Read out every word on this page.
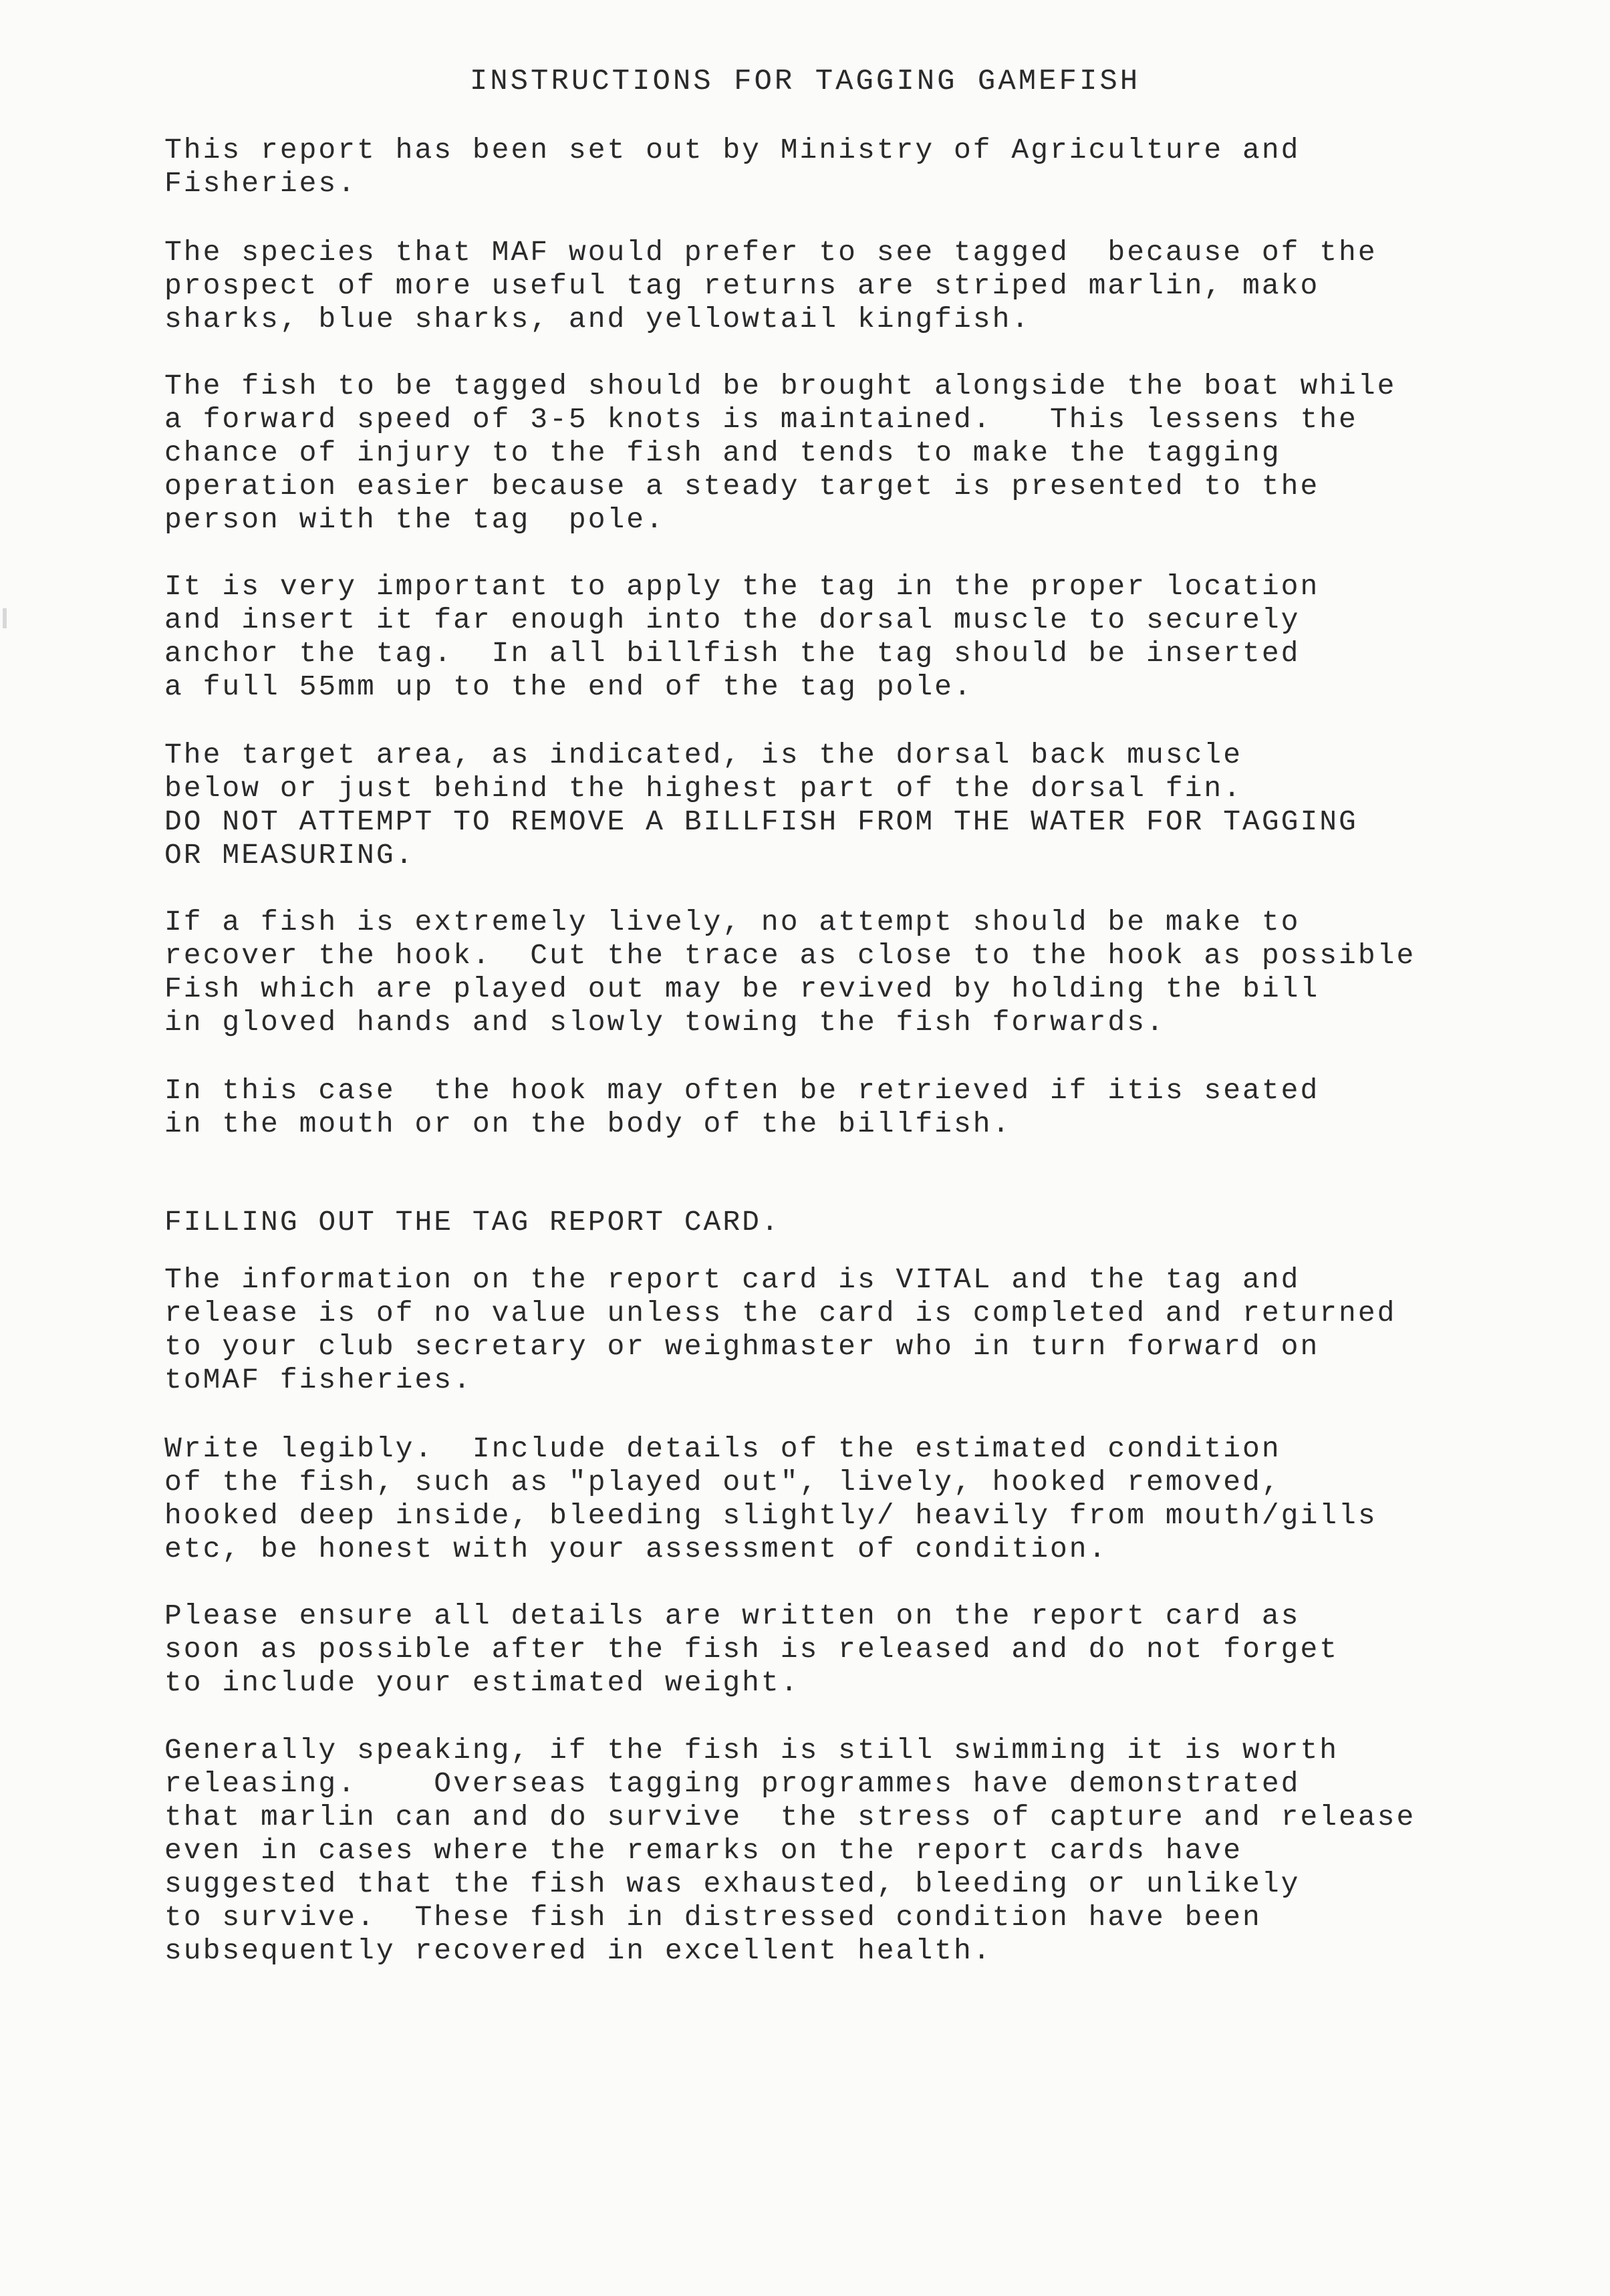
INSTRUCTIONS FOR TAGGING GAMEFISH
This report has been set out by Ministry of Agriculture and
Fisheries.
The species that MAF would prefer to see tagged  because of the
prospect of more useful tag returns are striped marlin, mako
sharks, blue sharks, and yellowtail kingfish.
The fish to be tagged should be brought alongside the boat while
a forward speed of 3-5 knots is maintained.   This lessens the
chance of injury to the fish and tends to make the tagging
operation easier because a steady target is presented to the
person with the tag  pole.
It is very important to apply the tag in the proper location
and insert it far enough into the dorsal muscle to securely
anchor the tag.  In all billfish the tag should be inserted
a full 55mm up to the end of the tag pole.
The target area, as indicated, is the dorsal back muscle
below or just behind the highest part of the dorsal fin.
DO NOT ATTEMPT TO REMOVE A BILLFISH FROM THE WATER FOR TAGGING
OR MEASURING.
If a fish is extremely lively, no attempt should be make to
recover the hook.  Cut the trace as close to the hook as possible
Fish which are played out may be revived by holding the bill
in gloved hands and slowly towing the fish forwards.
In this case  the hook may often be retrieved if itis seated
in the mouth or on the body of the billfish.
FILLING OUT THE TAG REPORT CARD.
The information on the report card is VITAL and the tag and
release is of no value unless the card is completed and returned
to your club secretary or weighmaster who in turn forward on
toMAF fisheries.
Write legibly.  Include details of the estimated condition
of the fish, such as "played out", lively, hooked removed,
hooked deep inside, bleeding slightly/ heavily from mouth/gills
etc, be honest with your assessment of condition.
Please ensure all details are written on the report card as
soon as possible after the fish is released and do not forget
to include your estimated weight.
Generally speaking, if the fish is still swimming it is worth
releasing.    Overseas tagging programmes have demonstrated
that marlin can and do survive  the stress of capture and release
even in cases where the remarks on the report cards have
suggested that the fish was exhausted, bleeding or unlikely
to survive.  These fish in distressed condition have been
subsequently recovered in excellent health.
